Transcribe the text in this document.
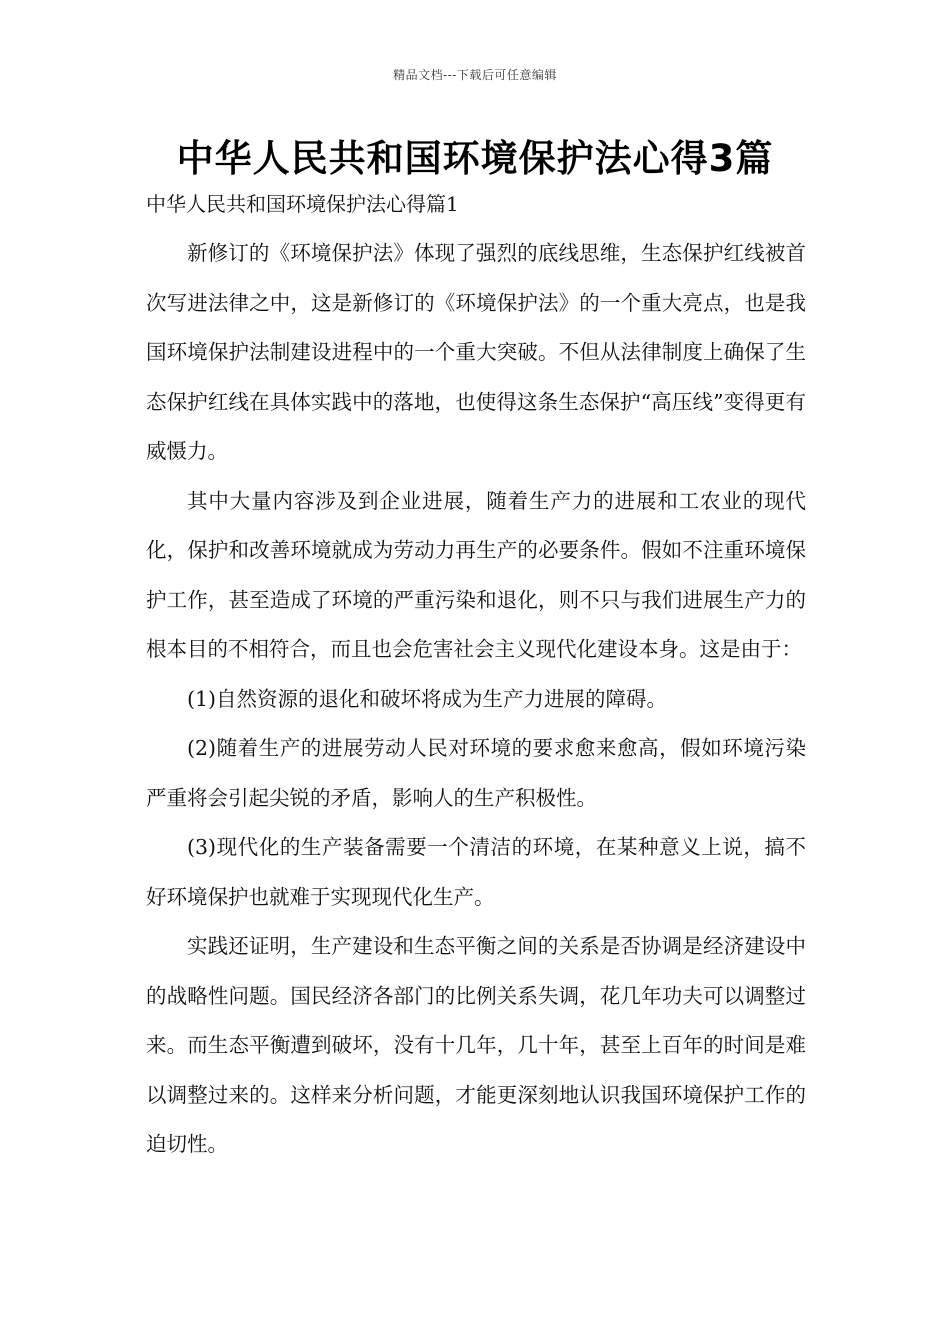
精品文档---下载后可任意编辑
中华人民共和国环境保护法心得3篇
中华人民共和国环境保护法心得篇1

新修订的《环境保护法》体现了强烈的底线思维，生态保护红线被首次写进法律之中，这是新修订的《环境保护法》的一个重大亮点，也是我国环境保护法制建设进程中的一个重大突破。不但从法律制度上确保了生态保护红线在具体实践中的落地，也使得这条生态保护“高压线”变得更有威慑力。

其中大量内容涉及到企业进展，随着生产力的进展和工农业的现代化，保护和改善环境就成为劳动力再生产的必要条件。假如不注重环境保护工作，甚至造成了环境的严重污染和退化，则不只与我们进展生产力的根本目的不相符合，而且也会危害社会主义现代化建设本身。这是由于：

(1)自然资源的退化和破坏将成为生产力进展的障碍。

(2)随着生产的进展劳动人民对环境的要求愈来愈高，假如环境污染严重将会引起尖锐的矛盾，影响人的生产积极性。

(3)现代化的生产装备需要一个清洁的环境，在某种意义上说，搞不好环境保护也就难于实现现代化生产。

实践还证明，生产建设和生态平衡之间的关系是否协调是经济建设中的战略性问题。国民经济各部门的比例关系失调，花几年功夫可以调整过来。而生态平衡遭到破坏，没有十几年，几十年，甚至上百年的时间是难以调整过来的。这样来分析问题，才能更深刻地认识我国环境保护工作的迫切性。
